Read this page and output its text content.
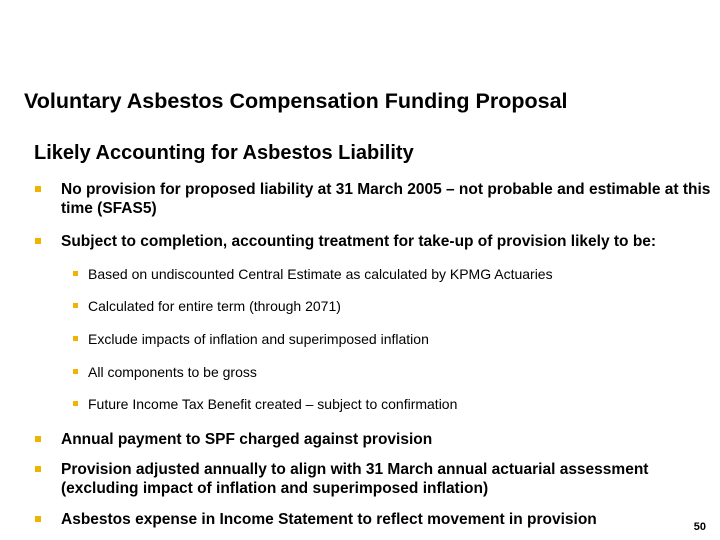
Voluntary Asbestos Compensation Funding Proposal
Likely Accounting for Asbestos Liability
No provision for proposed liability at 31 March 2005 – not probable and estimable at this time (SFAS5)
Subject to completion, accounting treatment for take-up of provision likely to be:
Based on undiscounted Central Estimate as calculated by KPMG Actuaries
Calculated for entire term (through 2071)
Exclude impacts of inflation and superimposed inflation
All components to be gross
Future Income Tax Benefit created – subject to confirmation
Annual payment to SPF charged against provision
Provision adjusted annually to align with 31 March annual actuarial assessment (excluding impact of inflation and superimposed inflation)
Asbestos expense in Income Statement to reflect movement in provision	50
